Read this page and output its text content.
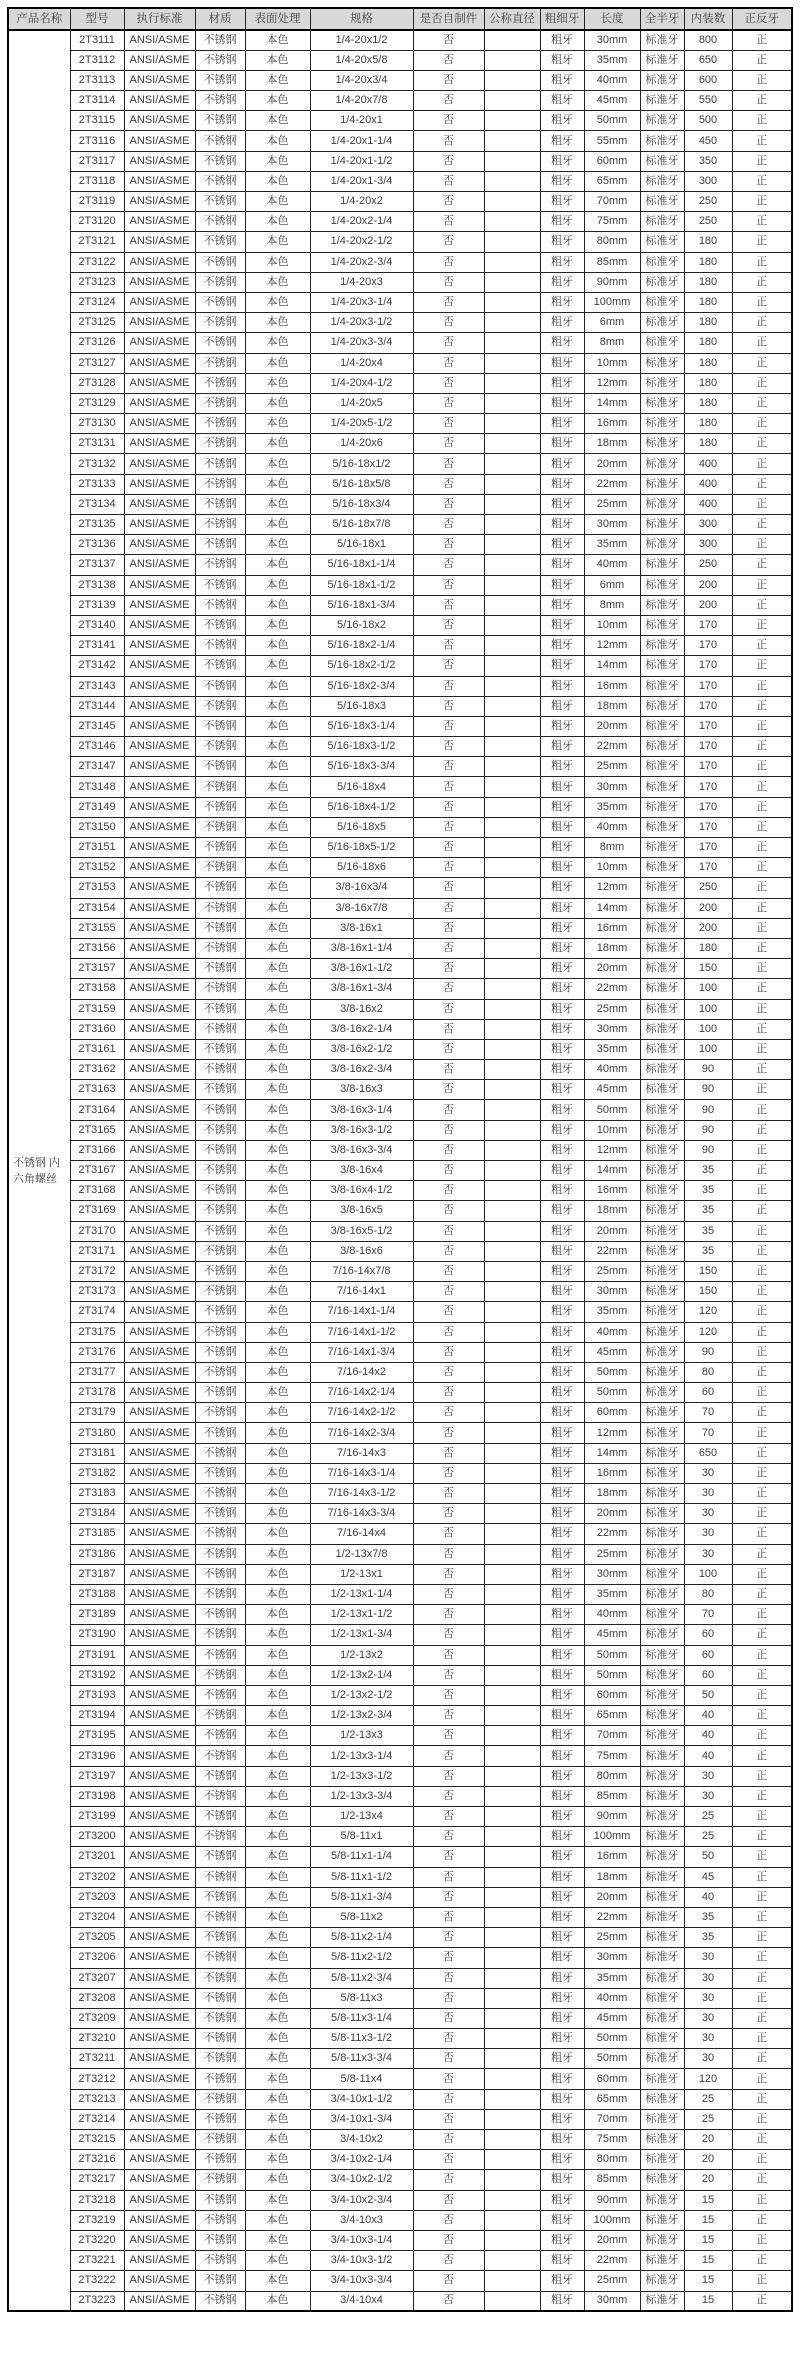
产品名称	型号	执行标准	材质	表面处理	规格	是否自制件	公称直径	粗细牙	长度	全半牙	内装数	正反牙
不锈钢 内六角螺丝	2T3111	ANSI/ASME	不锈钢	本色	1/4-20x1/2	否		粗牙	30mm	标准牙	800	正
	2T3112	ANSI/ASME	不锈钢	本色	1/4-20x5/8	否		粗牙	35mm	标准牙	650	正
	2T3113	ANSI/ASME	不锈钢	本色	1/4-20x3/4	否		粗牙	40mm	标准牙	600	正
	2T3114	ANSI/ASME	不锈钢	本色	1/4-20x7/8	否		粗牙	45mm	标准牙	550	正
	2T3115	ANSI/ASME	不锈钢	本色	1/4-20x1	否		粗牙	50mm	标准牙	500	正
	2T3116	ANSI/ASME	不锈钢	本色	1/4-20x1-1/4	否		粗牙	55mm	标准牙	450	正
	2T3117	ANSI/ASME	不锈钢	本色	1/4-20x1-1/2	否		粗牙	60mm	标准牙	350	正
	2T3118	ANSI/ASME	不锈钢	本色	1/4-20x1-3/4	否		粗牙	65mm	标准牙	300	正
	2T3119	ANSI/ASME	不锈钢	本色	1/4-20x2	否		粗牙	70mm	标准牙	250	正
	2T3120	ANSI/ASME	不锈钢	本色	1/4-20x2-1/4	否		粗牙	75mm	标准牙	250	正
	2T3121	ANSI/ASME	不锈钢	本色	1/4-20x2-1/2	否		粗牙	80mm	标准牙	180	正
	2T3122	ANSI/ASME	不锈钢	本色	1/4-20x2-3/4	否		粗牙	85mm	标准牙	180	正
	2T3123	ANSI/ASME	不锈钢	本色	1/4-20x3	否		粗牙	90mm	标准牙	180	正
	2T3124	ANSI/ASME	不锈钢	本色	1/4-20x3-1/4	否		粗牙	100mm	标准牙	180	正
	2T3125	ANSI/ASME	不锈钢	本色	1/4-20x3-1/2	否		粗牙	6mm	标准牙	180	正
	2T3126	ANSI/ASME	不锈钢	本色	1/4-20x3-3/4	否		粗牙	8mm	标准牙	180	正
	2T3127	ANSI/ASME	不锈钢	本色	1/4-20x4	否		粗牙	10mm	标准牙	180	正
	2T3128	ANSI/ASME	不锈钢	本色	1/4-20x4-1/2	否		粗牙	12mm	标准牙	180	正
	2T3129	ANSI/ASME	不锈钢	本色	1/4-20x5	否		粗牙	14mm	标准牙	180	正
	2T3130	ANSI/ASME	不锈钢	本色	1/4-20x5-1/2	否		粗牙	16mm	标准牙	180	正
	2T3131	ANSI/ASME	不锈钢	本色	1/4-20x6	否		粗牙	18mm	标准牙	180	正
	2T3132	ANSI/ASME	不锈钢	本色	5/16-18x1/2	否		粗牙	20mm	标准牙	400	正
	2T3133	ANSI/ASME	不锈钢	本色	5/16-18x5/8	否		粗牙	22mm	标准牙	400	正
	2T3134	ANSI/ASME	不锈钢	本色	5/16-18x3/4	否		粗牙	25mm	标准牙	400	正
	2T3135	ANSI/ASME	不锈钢	本色	5/16-18x7/8	否		粗牙	30mm	标准牙	300	正
	2T3136	ANSI/ASME	不锈钢	本色	5/16-18x1	否		粗牙	35mm	标准牙	300	正
	2T3137	ANSI/ASME	不锈钢	本色	5/16-18x1-1/4	否		粗牙	40mm	标准牙	250	正
	2T3138	ANSI/ASME	不锈钢	本色	5/16-18x1-1/2	否		粗牙	6mm	标准牙	200	正
	2T3139	ANSI/ASME	不锈钢	本色	5/16-18x1-3/4	否		粗牙	8mm	标准牙	200	正
	2T3140	ANSI/ASME	不锈钢	本色	5/16-18x2	否		粗牙	10mm	标准牙	170	正
	2T3141	ANSI/ASME	不锈钢	本色	5/16-18x2-1/4	否		粗牙	12mm	标准牙	170	正
	2T3142	ANSI/ASME	不锈钢	本色	5/16-18x2-1/2	否		粗牙	14mm	标准牙	170	正
	2T3143	ANSI/ASME	不锈钢	本色	5/16-18x2-3/4	否		粗牙	16mm	标准牙	170	正
	2T3144	ANSI/ASME	不锈钢	本色	5/16-18x3	否		粗牙	18mm	标准牙	170	正
	2T3145	ANSI/ASME	不锈钢	本色	5/16-18x3-1/4	否		粗牙	20mm	标准牙	170	正
	2T3146	ANSI/ASME	不锈钢	本色	5/16-18x3-1/2	否		粗牙	22mm	标准牙	170	正
	2T3147	ANSI/ASME	不锈钢	本色	5/16-18x3-3/4	否		粗牙	25mm	标准牙	170	正
	2T3148	ANSI/ASME	不锈钢	本色	5/16-18x4	否		粗牙	30mm	标准牙	170	正
	2T3149	ANSI/ASME	不锈钢	本色	5/16-18x4-1/2	否		粗牙	35mm	标准牙	170	正
	2T3150	ANSI/ASME	不锈钢	本色	5/16-18x5	否		粗牙	40mm	标准牙	170	正
	2T3151	ANSI/ASME	不锈钢	本色	5/16-18x5-1/2	否		粗牙	8mm	标准牙	170	正
	2T3152	ANSI/ASME	不锈钢	本色	5/16-18x6	否		粗牙	10mm	标准牙	170	正
	2T3153	ANSI/ASME	不锈钢	本色	3/8-16x3/4	否		粗牙	12mm	标准牙	250	正
	2T3154	ANSI/ASME	不锈钢	本色	3/8-16x7/8	否		粗牙	14mm	标准牙	200	正
	2T3155	ANSI/ASME	不锈钢	本色	3/8-16x1	否		粗牙	16mm	标准牙	200	正
	2T3156	ANSI/ASME	不锈钢	本色	3/8-16x1-1/4	否		粗牙	18mm	标准牙	180	正
	2T3157	ANSI/ASME	不锈钢	本色	3/8-16x1-1/2	否		粗牙	20mm	标准牙	150	正
	2T3158	ANSI/ASME	不锈钢	本色	3/8-16x1-3/4	否		粗牙	22mm	标准牙	100	正
	2T3159	ANSI/ASME	不锈钢	本色	3/8-16x2	否		粗牙	25mm	标准牙	100	正
	2T3160	ANSI/ASME	不锈钢	本色	3/8-16x2-1/4	否		粗牙	30mm	标准牙	100	正
	2T3161	ANSI/ASME	不锈钢	本色	3/8-16x2-1/2	否		粗牙	35mm	标准牙	100	正
	2T3162	ANSI/ASME	不锈钢	本色	3/8-16x2-3/4	否		粗牙	40mm	标准牙	90	正
	2T3163	ANSI/ASME	不锈钢	本色	3/8-16x3	否		粗牙	45mm	标准牙	90	正
	2T3164	ANSI/ASME	不锈钢	本色	3/8-16x3-1/4	否		粗牙	50mm	标准牙	90	正
	2T3165	ANSI/ASME	不锈钢	本色	3/8-16x3-1/2	否		粗牙	10mm	标准牙	90	正
	2T3166	ANSI/ASME	不锈钢	本色	3/8-16x3-3/4	否		粗牙	12mm	标准牙	90	正
	2T3167	ANSI/ASME	不锈钢	本色	3/8-16x4	否		粗牙	14mm	标准牙	35	正
	2T3168	ANSI/ASME	不锈钢	本色	3/8-16x4-1/2	否		粗牙	16mm	标准牙	35	正
	2T3169	ANSI/ASME	不锈钢	本色	3/8-16x5	否		粗牙	18mm	标准牙	35	正
	2T3170	ANSI/ASME	不锈钢	本色	3/8-16x5-1/2	否		粗牙	20mm	标准牙	35	正
	2T3171	ANSI/ASME	不锈钢	本色	3/8-16x6	否		粗牙	22mm	标准牙	35	正
	2T3172	ANSI/ASME	不锈钢	本色	7/16-14x7/8	否		粗牙	25mm	标准牙	150	正
	2T3173	ANSI/ASME	不锈钢	本色	7/16-14x1	否		粗牙	30mm	标准牙	150	正
	2T3174	ANSI/ASME	不锈钢	本色	7/16-14x1-1/4	否		粗牙	35mm	标准牙	120	正
	2T3175	ANSI/ASME	不锈钢	本色	7/16-14x1-1/2	否		粗牙	40mm	标准牙	120	正
	2T3176	ANSI/ASME	不锈钢	本色	7/16-14x1-3/4	否		粗牙	45mm	标准牙	90	正
	2T3177	ANSI/ASME	不锈钢	本色	7/16-14x2	否		粗牙	50mm	标准牙	80	正
	2T3178	ANSI/ASME	不锈钢	本色	7/16-14x2-1/4	否		粗牙	50mm	标准牙	60	正
	2T3179	ANSI/ASME	不锈钢	本色	7/16-14x2-1/2	否		粗牙	60mm	标准牙	70	正
	2T3180	ANSI/ASME	不锈钢	本色	7/16-14x2-3/4	否		粗牙	12mm	标准牙	70	正
	2T3181	ANSI/ASME	不锈钢	本色	7/16-14x3	否		粗牙	14mm	标准牙	650	正
	2T3182	ANSI/ASME	不锈钢	本色	7/16-14x3-1/4	否		粗牙	16mm	标准牙	30	正
	2T3183	ANSI/ASME	不锈钢	本色	7/16-14x3-1/2	否		粗牙	18mm	标准牙	30	正
	2T3184	ANSI/ASME	不锈钢	本色	7/16-14x3-3/4	否		粗牙	20mm	标准牙	30	正
	2T3185	ANSI/ASME	不锈钢	本色	7/16-14x4	否		粗牙	22mm	标准牙	30	正
	2T3186	ANSI/ASME	不锈钢	本色	1/2-13x7/8	否		粗牙	25mm	标准牙	30	正
	2T3187	ANSI/ASME	不锈钢	本色	1/2-13x1	否		粗牙	30mm	标准牙	100	正
	2T3188	ANSI/ASME	不锈钢	本色	1/2-13x1-1/4	否		粗牙	35mm	标准牙	80	正
	2T3189	ANSI/ASME	不锈钢	本色	1/2-13x1-1/2	否		粗牙	40mm	标准牙	70	正
	2T3190	ANSI/ASME	不锈钢	本色	1/2-13x1-3/4	否		粗牙	45mm	标准牙	60	正
	2T3191	ANSI/ASME	不锈钢	本色	1/2-13x2	否		粗牙	50mm	标准牙	60	正
	2T3192	ANSI/ASME	不锈钢	本色	1/2-13x2-1/4	否		粗牙	50mm	标准牙	60	正
	2T3193	ANSI/ASME	不锈钢	本色	1/2-13x2-1/2	否		粗牙	60mm	标准牙	50	正
	2T3194	ANSI/ASME	不锈钢	本色	1/2-13x2-3/4	否		粗牙	65mm	标准牙	40	正
	2T3195	ANSI/ASME	不锈钢	本色	1/2-13x3	否		粗牙	70mm	标准牙	40	正
	2T3196	ANSI/ASME	不锈钢	本色	1/2-13x3-1/4	否		粗牙	75mm	标准牙	40	正
	2T3197	ANSI/ASME	不锈钢	本色	1/2-13x3-1/2	否		粗牙	80mm	标准牙	30	正
	2T3198	ANSI/ASME	不锈钢	本色	1/2-13x3-3/4	否		粗牙	85mm	标准牙	30	正
	2T3199	ANSI/ASME	不锈钢	本色	1/2-13x4	否		粗牙	90mm	标准牙	25	正
	2T3200	ANSI/ASME	不锈钢	本色	5/8-11x1	否		粗牙	100mm	标准牙	25	正
	2T3201	ANSI/ASME	不锈钢	本色	5/8-11x1-1/4	否		粗牙	16mm	标准牙	50	正
	2T3202	ANSI/ASME	不锈钢	本色	5/8-11x1-1/2	否		粗牙	18mm	标准牙	45	正
	2T3203	ANSI/ASME	不锈钢	本色	5/8-11x1-3/4	否		粗牙	20mm	标准牙	40	正
	2T3204	ANSI/ASME	不锈钢	本色	5/8-11x2	否		粗牙	22mm	标准牙	35	正
	2T3205	ANSI/ASME	不锈钢	本色	5/8-11x2-1/4	否		粗牙	25mm	标准牙	35	正
	2T3206	ANSI/ASME	不锈钢	本色	5/8-11x2-1/2	否		粗牙	30mm	标准牙	30	正
	2T3207	ANSI/ASME	不锈钢	本色	5/8-11x2-3/4	否		粗牙	35mm	标准牙	30	正
	2T3208	ANSI/ASME	不锈钢	本色	5/8-11x3	否		粗牙	40mm	标准牙	30	正
	2T3209	ANSI/ASME	不锈钢	本色	5/8-11x3-1/4	否		粗牙	45mm	标准牙	30	正
	2T3210	ANSI/ASME	不锈钢	本色	5/8-11x3-1/2	否		粗牙	50mm	标准牙	30	正
	2T3211	ANSI/ASME	不锈钢	本色	5/8-11x3-3/4	否		粗牙	50mm	标准牙	30	正
	2T3212	ANSI/ASME	不锈钢	本色	5/8-11x4	否		粗牙	60mm	标准牙	120	正
	2T3213	ANSI/ASME	不锈钢	本色	3/4-10x1-1/2	否		粗牙	65mm	标准牙	25	正
	2T3214	ANSI/ASME	不锈钢	本色	3/4-10x1-3/4	否		粗牙	70mm	标准牙	25	正
	2T3215	ANSI/ASME	不锈钢	本色	3/4-10x2	否		粗牙	75mm	标准牙	20	正
	2T3216	ANSI/ASME	不锈钢	本色	3/4-10x2-1/4	否		粗牙	80mm	标准牙	20	正
	2T3217	ANSI/ASME	不锈钢	本色	3/4-10x2-1/2	否		粗牙	85mm	标准牙	20	正
	2T3218	ANSI/ASME	不锈钢	本色	3/4-10x2-3/4	否		粗牙	90mm	标准牙	15	正
	2T3219	ANSI/ASME	不锈钢	本色	3/4-10x3	否		粗牙	100mm	标准牙	15	正
	2T3220	ANSI/ASME	不锈钢	本色	3/4-10x3-1/4	否		粗牙	20mm	标准牙	15	正
	2T3221	ANSI/ASME	不锈钢	本色	3/4-10x3-1/2	否		粗牙	22mm	标准牙	15	正
	2T3222	ANSI/ASME	不锈钢	本色	3/4-10x3-3/4	否		粗牙	25mm	标准牙	15	正
	2T3223	ANSI/ASME	不锈钢	本色	3/4-10x4	否		粗牙	30mm	标准牙	15	正
